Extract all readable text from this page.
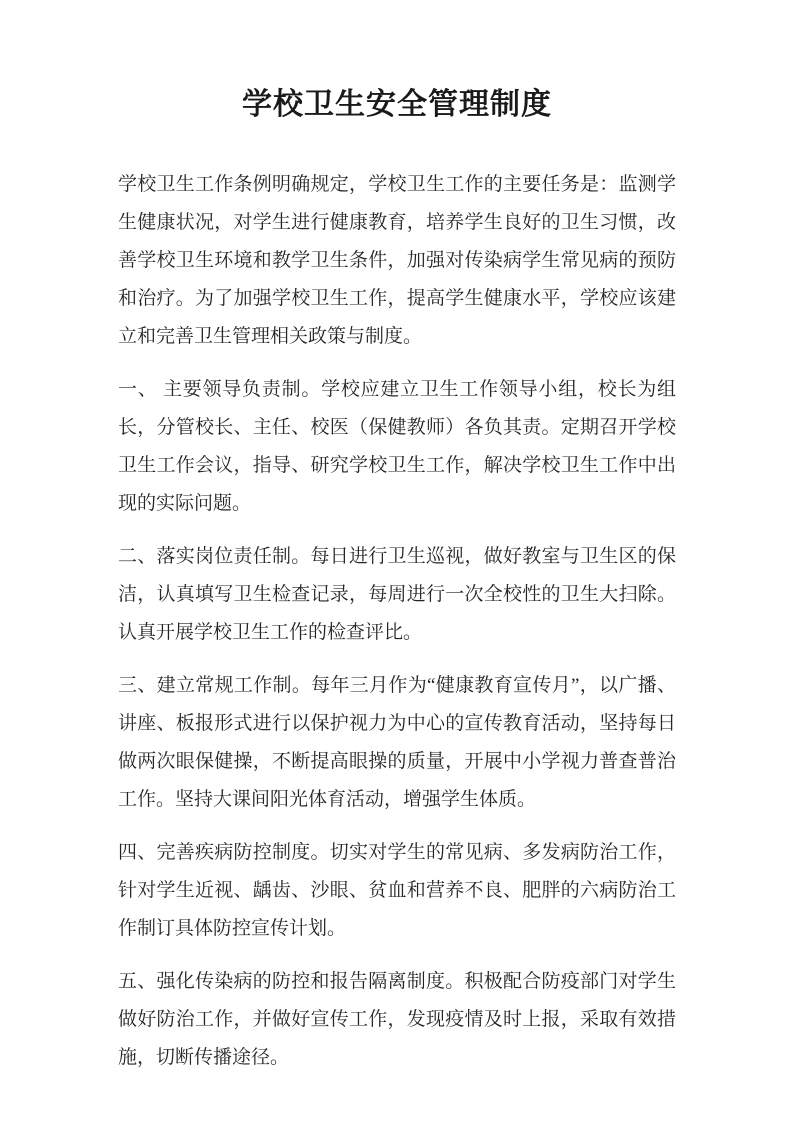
学校卫生安全管理制度

学校卫生工作条例明确规定，学校卫生工作的主要任务是：监测学生健康状况，对学生进行健康教育，培养学生良好的卫生习惯，改善学校卫生环境和教学卫生条件，加强对传染病学生常见病的预防和治疗。为了加强学校卫生工作，提高学生健康水平，学校应该建立和完善卫生管理相关政策与制度。

一、 主要领导负责制。学校应建立卫生工作领导小组，校长为组长，分管校长、主任、校医（保健教师）各负其责。定期召开学校卫生工作会议，指导、研究学校卫生工作，解决学校卫生工作中出现的实际问题。

二、落实岗位责任制。每日进行卫生巡视，做好教室与卫生区的保洁，认真填写卫生检查记录，每周进行一次全校性的卫生大扫除。认真开展学校卫生工作的检查评比。

三、建立常规工作制。每年三月作为“健康教育宣传月”，以广播、讲座、板报形式进行以保护视力为中心的宣传教育活动，坚持每日做两次眼保健操，不断提高眼操的质量，开展中小学视力普查普治工作。坚持大课间阳光体育活动，增强学生体质。

四、完善疾病防控制度。切实对学生的常见病、多发病防治工作，针对学生近视、龋齿、沙眼、贫血和营养不良、肥胖的六病防治工作制订具体防控宣传计划。

五、强化传染病的防控和报告隔离制度。积极配合防疫部门对学生做好防治工作，并做好宣传工作，发现疫情及时上报，采取有效措施，切断传播途径。
